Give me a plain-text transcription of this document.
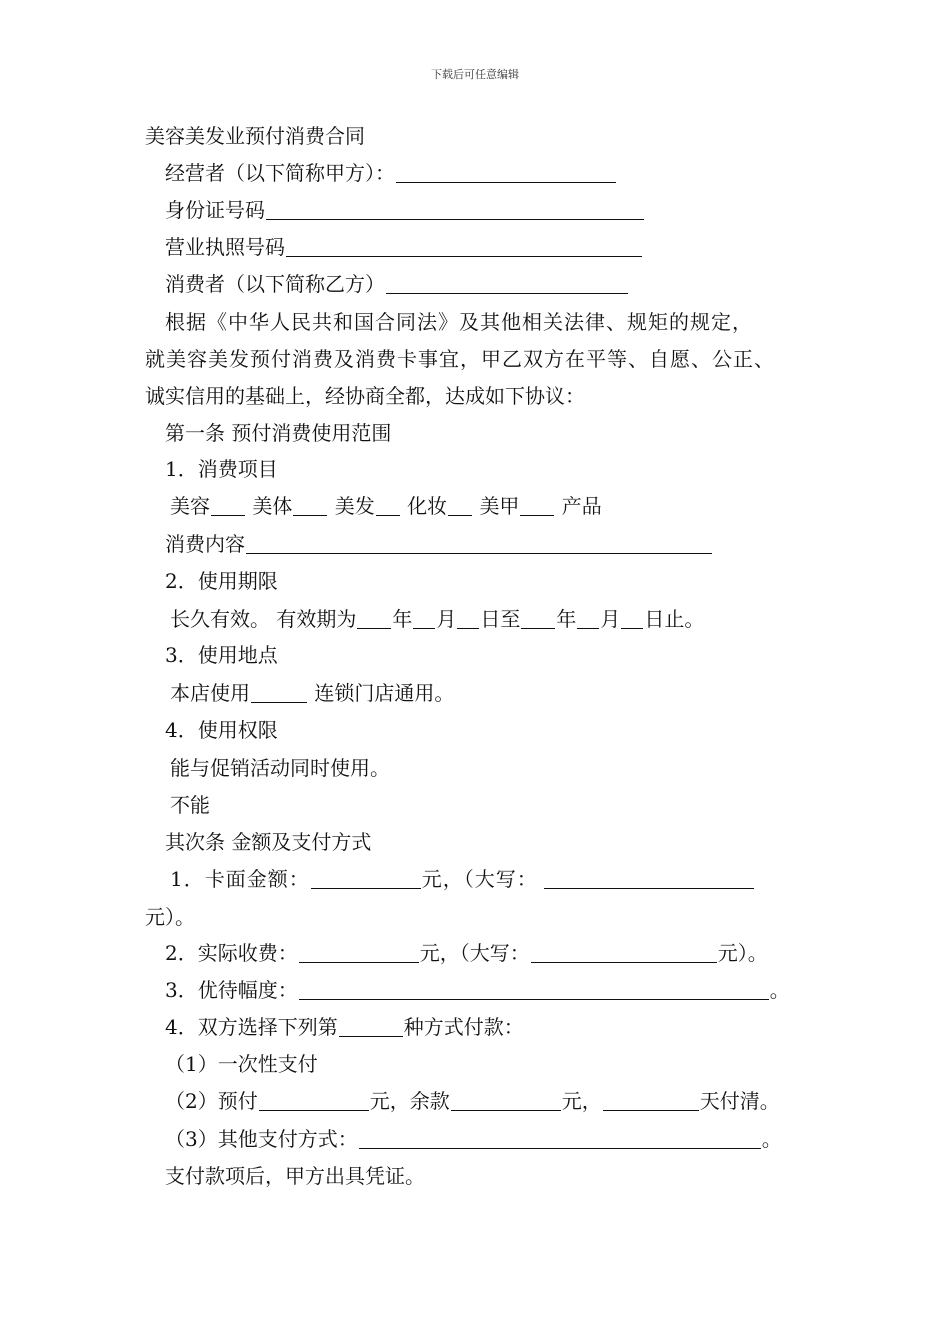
下载后可任意编辑
美容美发业预付消费合同
经营者（以下简称甲方）：
身份证号码
营业执照号码
消费者（以下简称乙方）
根据《中华人民共和国合同法》及其他相关法律、规矩的规定，
就美容美发预付消费及消费卡事宜，甲乙双方在平等、自愿、公正、
诚实信用的基础上，经协商全都，达成如下协议：
第一条 预付消费使用范围
1．消费项目
美容 美体 美发 化妆 美甲 产品
消费内容
2．使用期限
长久有效。 有效期为 年 月 日至 年 月 日止。
3．使用地点
本店使用	连锁门店通用。
4．使用权限
能与促销活动同时使用。
不能
其次条 金额及支付方式
1．卡面金额：	元，（大写：
元）。
2．实际收费：	元，（大写：	元）。
3．优待幅度：	。
4．双方选择下列第	种方式付款：
（1）一次性支付
（2）预付	元，余款	元，	天付清。
（3）其他支付方式：	。
支付款项后，甲方出具凭证。
